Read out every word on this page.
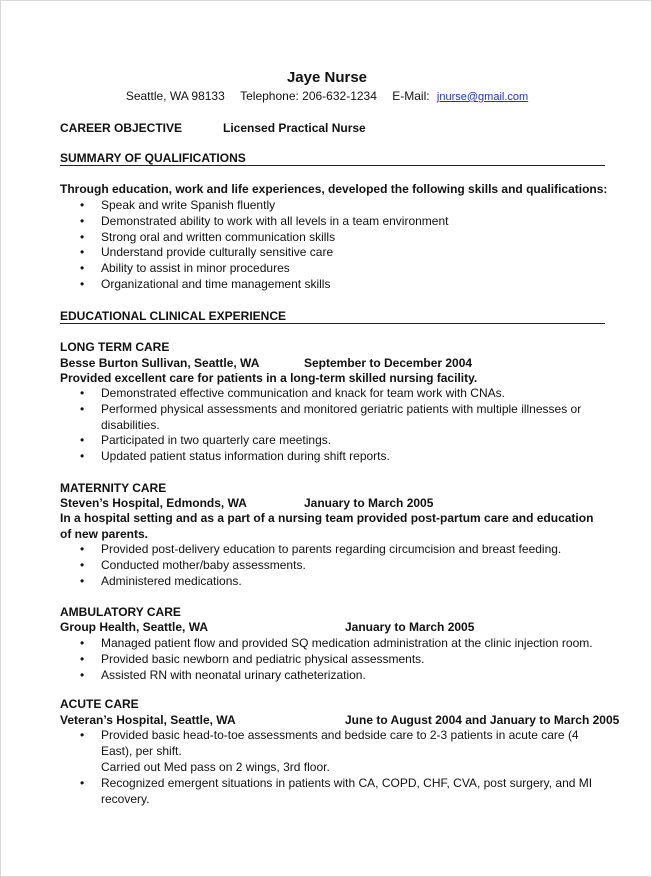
Jaye Nurse
Seattle, WA 98133 Telephone: 206-632-1234 E-Mail: jnurse@gmail.com
CAREER OBJECTIVE	Licensed Practical Nurse
SUMMARY OF QUALIFICATIONS
Through education, work and life experiences, developed the following skills and qualifications:
• Speak and write Spanish fluently
• Demonstrated ability to work with all levels in a team environment
• Strong oral and written communication skills
• Understand provide culturally sensitive care
• Ability to assist in minor procedures
• Organizational and time management skills
EDUCATIONAL CLINICAL EXPERIENCE
LONG TERM CARE
Besse Burton Sullivan, Seattle, WA	September to December 2004
Provided excellent care for patients in a long-term skilled nursing facility.
• Demonstrated effective communication and knack for team work with CNAs.
• Performed physical assessments and monitored geriatric patients with multiple illnesses or disabilities.
• Participated in two quarterly care meetings.
• Updated patient status information during shift reports.
MATERNITY CARE
Steven’s Hospital, Edmonds, WA	January to March 2005
In a hospital setting and as a part of a nursing team provided post-partum care and education of new parents.
• Provided post-delivery education to parents regarding circumcision and breast feeding.
• Conducted mother/baby assessments.
• Administered medications.
AMBULATORY CARE
Group Health, Seattle, WA	January to March 2005
• Managed patient flow and provided SQ medication administration at the clinic injection room.
• Provided basic newborn and pediatric physical assessments.
• Assisted RN with neonatal urinary catheterization.
ACUTE CARE
Veteran’s Hospital, Seattle, WA	June to August 2004 and January to March 2005
• Provided basic head-to-toe assessments and bedside care to 2-3 patients in acute care (4 East), per shift.
Carried out Med pass on 2 wings, 3rd floor.
• Recognized emergent situations in patients with CA, COPD, CHF, CVA, post surgery, and MI recovery.
